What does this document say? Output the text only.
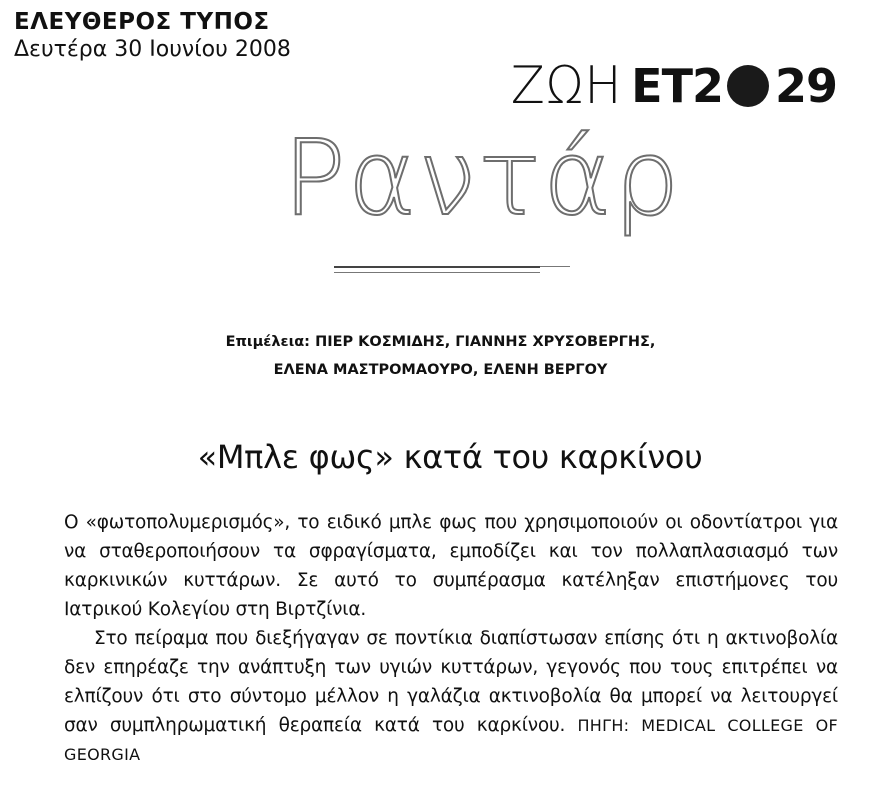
ΕΛΕΥΘΕΡΟΣ ΤΥΠΟΣ
Δευτέρα 30 Ιουνίου 2008
ΖΩΗ ΕΤ2 29
Ραντάρ
Επιμέλεια: ΠΙΕΡ ΚΟΣΜΙΔΗΣ, ΓΙΑΝΝΗΣ ΧΡΥΣΟΒΕΡΓΗΣ,
ΕΛΕΝΑ ΜΑΣΤΡΟΜΑΟΥΡΟ, ΕΛΕΝΗ ΒΕΡΓΟΥ
«Μπλε φως» κατά του καρκίνου

Ο «φωτοπολυμερισμός», το ειδικό μπλε φως που χρησιμοποιούν οι οδοντίατροι για να σταθεροποιήσουν τα σφραγίσματα, εμποδίζει και τον πολλαπλασιασμό των καρκινικών κυττάρων. Σε αυτό το συμπέρασμα κατέληξαν επιστήμονες του Ιατρικού Κολεγίου στη Βιρτζίνια.

Στο πείραμα που διεξήγαγαν σε ποντίκια διαπίστωσαν επίσης ότι η ακτινοβολία δεν επηρέαζε την ανάπτυξη των υγιών κυττάρων, γεγονός που τους επιτρέπει να ελπίζουν ότι στο σύντομο μέλλον η γαλάζια ακτινοβολία θα μπορεί να λειτουργεί σαν συμπληρωματική θεραπεία κατά του καρκίνου. ΠΗΓΗ: MEDICAL COLLEGE OF GEORGIA
